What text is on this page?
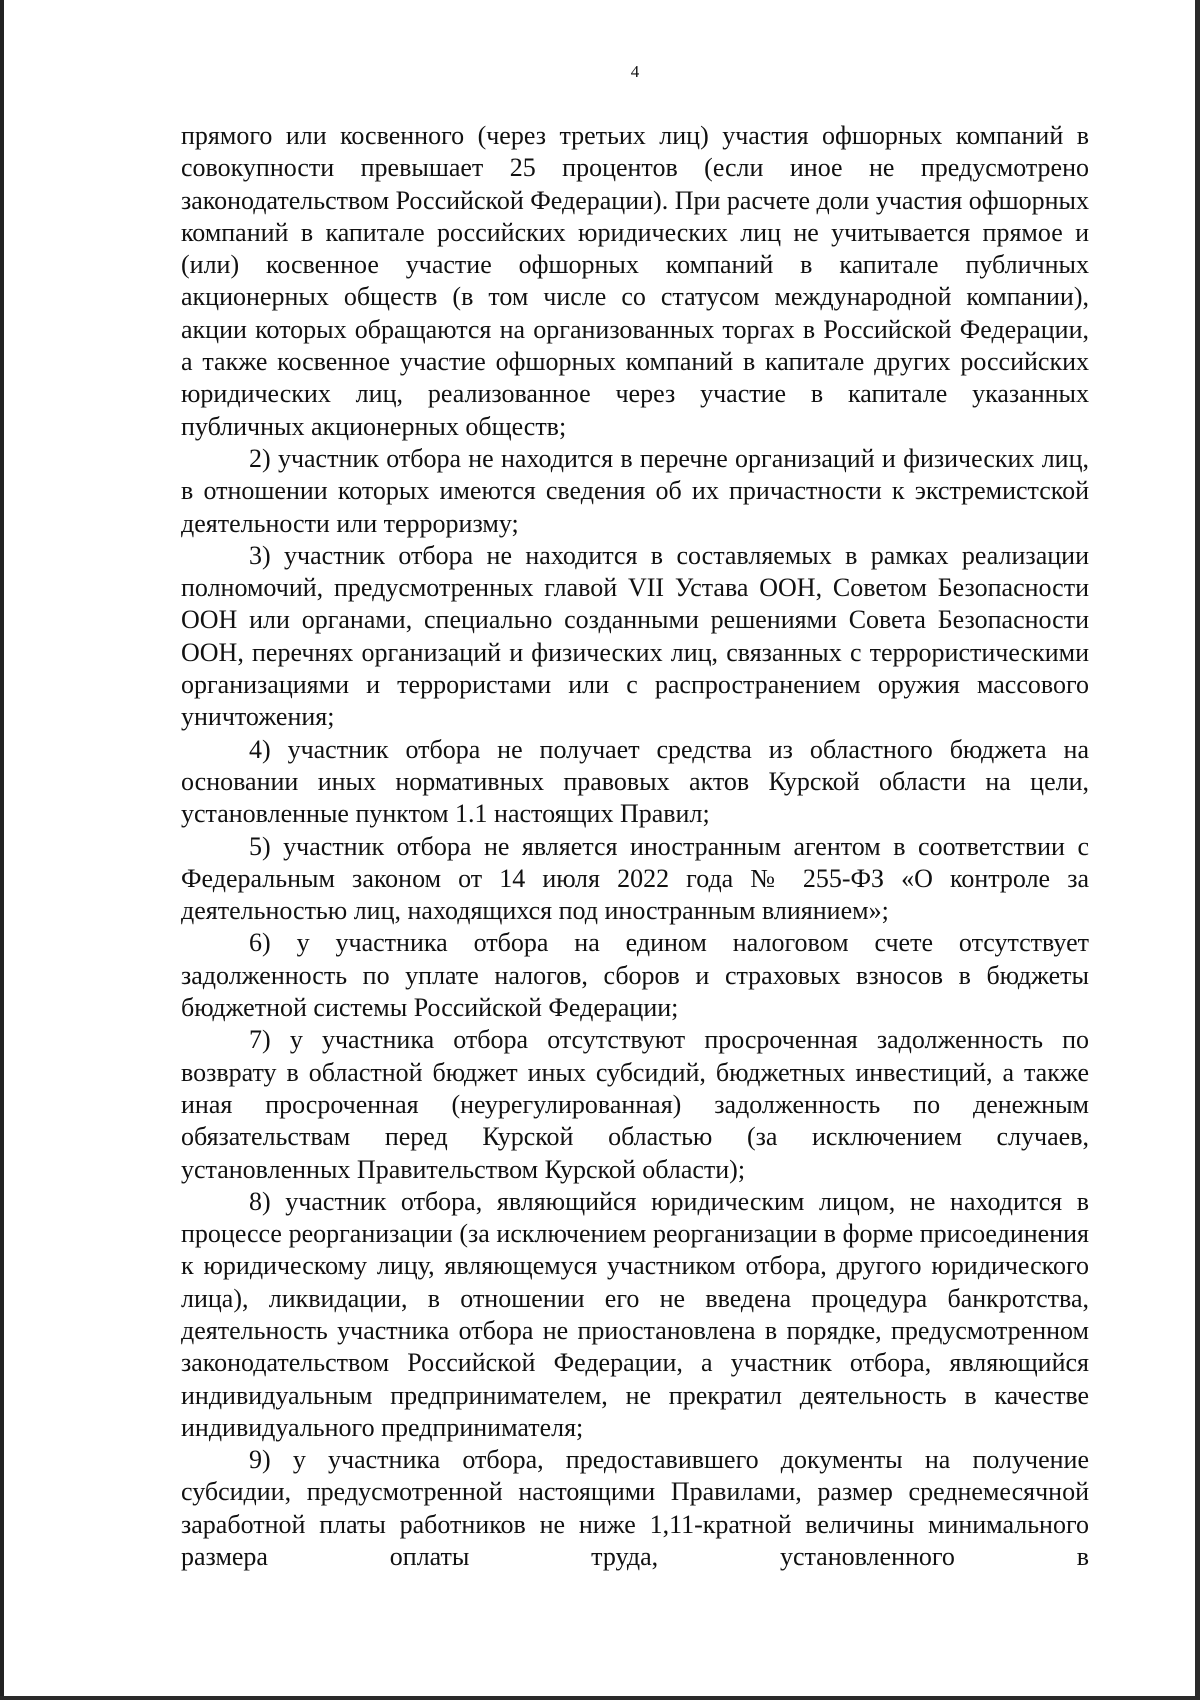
4

прямого или косвенного (через третьих лиц) участия офшорных компаний в совокупности превышает 25 процентов (если иное не предусмотрено законодательством Российской Федерации). При расчете доли участия офшорных компаний в капитале российских юридических лиц не учитывается прямое и (или) косвенное участие офшорных компаний в капитале публичных акционерных обществ (в том числе со статусом международной компании), акции которых обращаются на организованных торгах в Российской Федерации, а также косвенное участие офшорных компаний в капитале других российских юридических лиц, реализованное через участие в капитале указанных публичных акционерных обществ;

2) участник отбора не находится в перечне организаций и физических лиц, в отношении которых имеются сведения об их причастности к экстремистской деятельности или терроризму;

3) участник отбора не находится в составляемых в рамках реализации полномочий, предусмотренных главой VII Устава ООН, Советом Безопасности ООН или органами, специально созданными решениями Совета Безопасности ООН, перечнях организаций и физических лиц, связанных с террористическими организациями и террористами или с распространением оружия массового уничтожения;

4) участник отбора не получает средства из областного бюджета на основании иных нормативных правовых актов Курской области на цели, установленные пунктом 1.1 настоящих Правил;

5) участник отбора не является иностранным агентом в соответствии с Федеральным законом от 14 июля 2022 года № 255-ФЗ «О контроле за деятельностью лиц, находящихся под иностранным влиянием»;

6) у участника отбора на едином налоговом счете отсутствует задолженность по уплате налогов, сборов и страховых взносов в бюджеты бюджетной системы Российской Федерации;

7) у участника отбора отсутствуют просроченная задолженность по возврату в областной бюджет иных субсидий, бюджетных инвестиций, а также иная просроченная (неурегулированная) задолженность по денежным обязательствам перед Курской областью (за исключением случаев, установленных Правительством Курской области);

8) участник отбора, являющийся юридическим лицом, не находится в процессе реорганизации (за исключением реорганизации в форме присоединения к юридическому лицу, являющемуся участником отбора, другого юридического лица), ликвидации, в отношении его не введена процедура банкротства, деятельность участника отбора не приостановлена в порядке, предусмотренном законодательством Российской Федерации, а участник отбора, являющийся индивидуальным предпринимателем, не прекратил деятельность в качестве индивидуального предпринимателя;

9) у участника отбора, предоставившего документы на получение субсидии, предусмотренной настоящими Правилами, размер среднемесячной заработной платы работников не ниже 1,11-кратной величины минимального размера оплаты труда, установленного в
